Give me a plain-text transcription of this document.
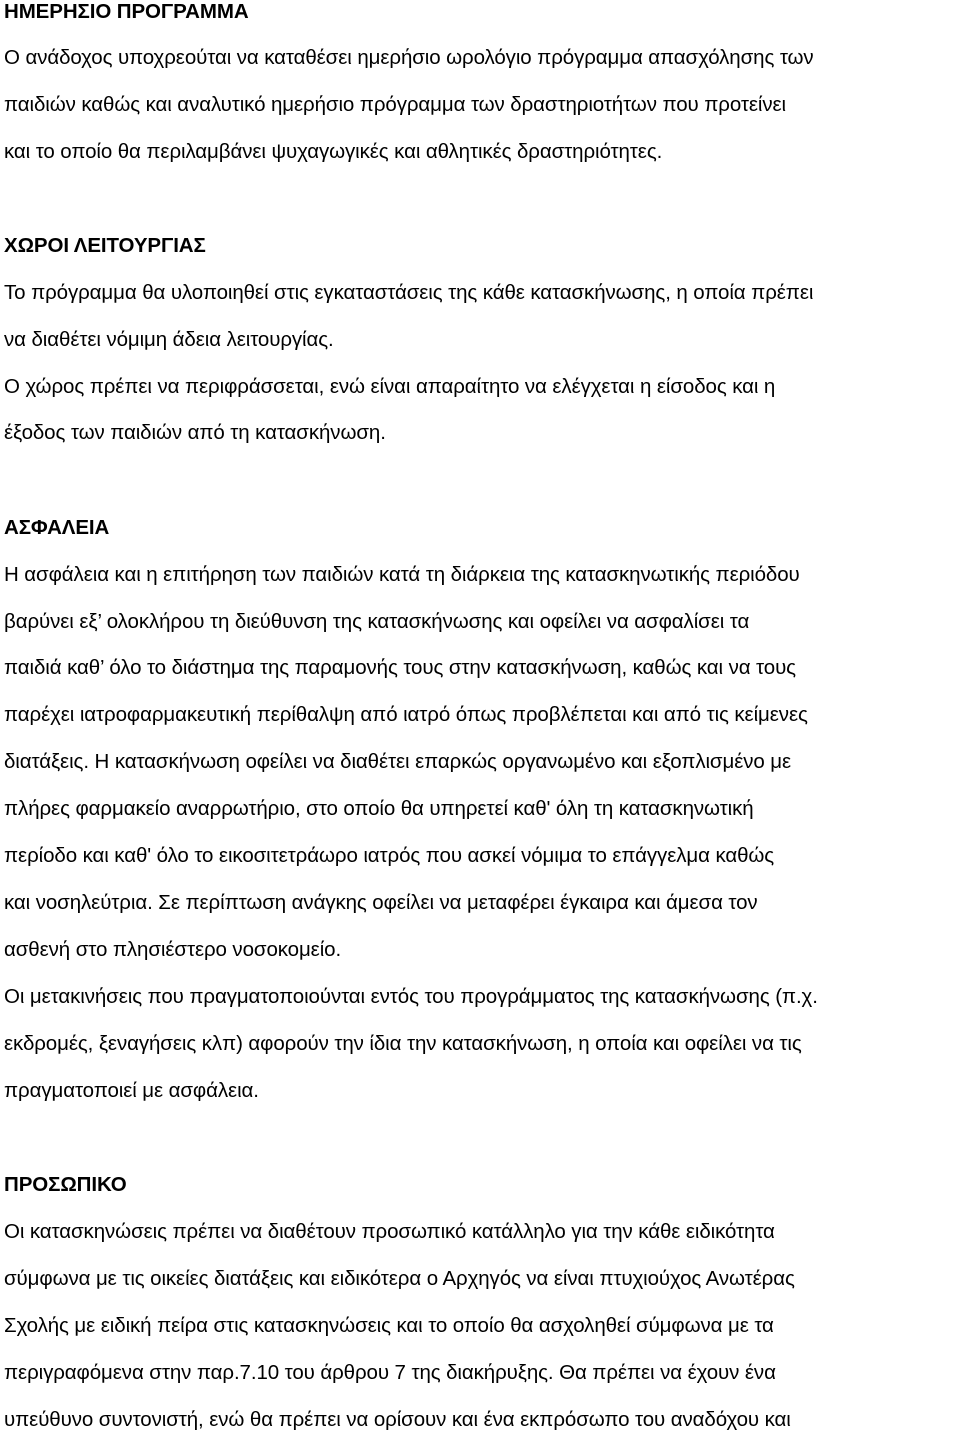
ΗΜΕΡΗΣΙΟ ΠΡΟΓΡΑΜΜΑ
Ο ανάδοχος υποχρεούται να καταθέσει ημερήσιο ωρολόγιο πρόγραμμα απασχόλησης των
παιδιών καθώς και αναλυτικό ημερήσιο πρόγραμμα των δραστηριοτήτων που προτείνει
και το οποίο θα περιλαμβάνει ψυχαγωγικές και αθλητικές δραστηριότητες.
ΧΩΡΟΙ ΛΕΙΤΟΥΡΓΙΑΣ
Το πρόγραμμα θα υλοποιηθεί στις εγκαταστάσεις της κάθε κατασκήνωσης, η οποία πρέπει
να διαθέτει νόμιμη άδεια λειτουργίας.
Ο χώρος πρέπει να περιφράσσεται, ενώ είναι απαραίτητο να ελέγχεται η είσοδος και η
έξοδος των παιδιών από τη κατασκήνωση.
ΑΣΦΑΛΕΙΑ
Η ασφάλεια και η επιτήρηση των παιδιών κατά τη διάρκεια της κατασκηνωτικής περιόδου
βαρύνει εξ’ ολοκλήρου τη διεύθυνση της κατασκήνωσης και οφείλει να ασφαλίσει τα
παιδιά καθ’ όλο το διάστημα της παραμονής τους στην κατασκήνωση, καθώς και να τους
παρέχει ιατροφαρμακευτική περίθαλψη από ιατρό όπως προβλέπεται και από τις κείμενες
διατάξεις. Η κατασκήνωση οφείλει να διαθέτει επαρκώς οργανωμένο και εξοπλισμένο με
πλήρες φαρμακείο αναρρωτήριο, στο οποίο θα υπηρετεί καθ' όλη τη κατασκηνωτική
περίοδο και καθ' όλο το εικοσιτετράωρο ιατρός που ασκεί νόμιμα το επάγγελμα καθώς
και νοσηλεύτρια. Σε περίπτωση ανάγκης οφείλει να μεταφέρει έγκαιρα και άμεσα τον
ασθενή στο πλησιέστερο νοσοκομείο.
Οι μετακινήσεις που πραγματοποιούνται εντός του προγράμματος της κατασκήνωσης (π.χ.
εκδρομές, ξεναγήσεις κλπ) αφορούν την ίδια την κατασκήνωση, η οποία και οφείλει να τις
πραγματοποιεί με ασφάλεια.
ΠΡΟΣΩΠΙΚΟ
Οι κατασκηνώσεις πρέπει να διαθέτουν προσωπικό κατάλληλο για την κάθε ειδικότητα
σύμφωνα με τις οικείες διατάξεις και ειδικότερα ο Αρχηγός να είναι πτυχιούχος Ανωτέρας
Σχολής με ειδική πείρα στις κατασκηνώσεις και το οποίο θα ασχοληθεί σύμφωνα με τα
περιγραφόμενα στην παρ.7.10 του άρθρου 7 της διακήρυξης. Θα πρέπει να έχουν ένα
υπεύθυνο συντονιστή, ενώ θα πρέπει να ορίσουν και ένα εκπρόσωπο του αναδόχου και
